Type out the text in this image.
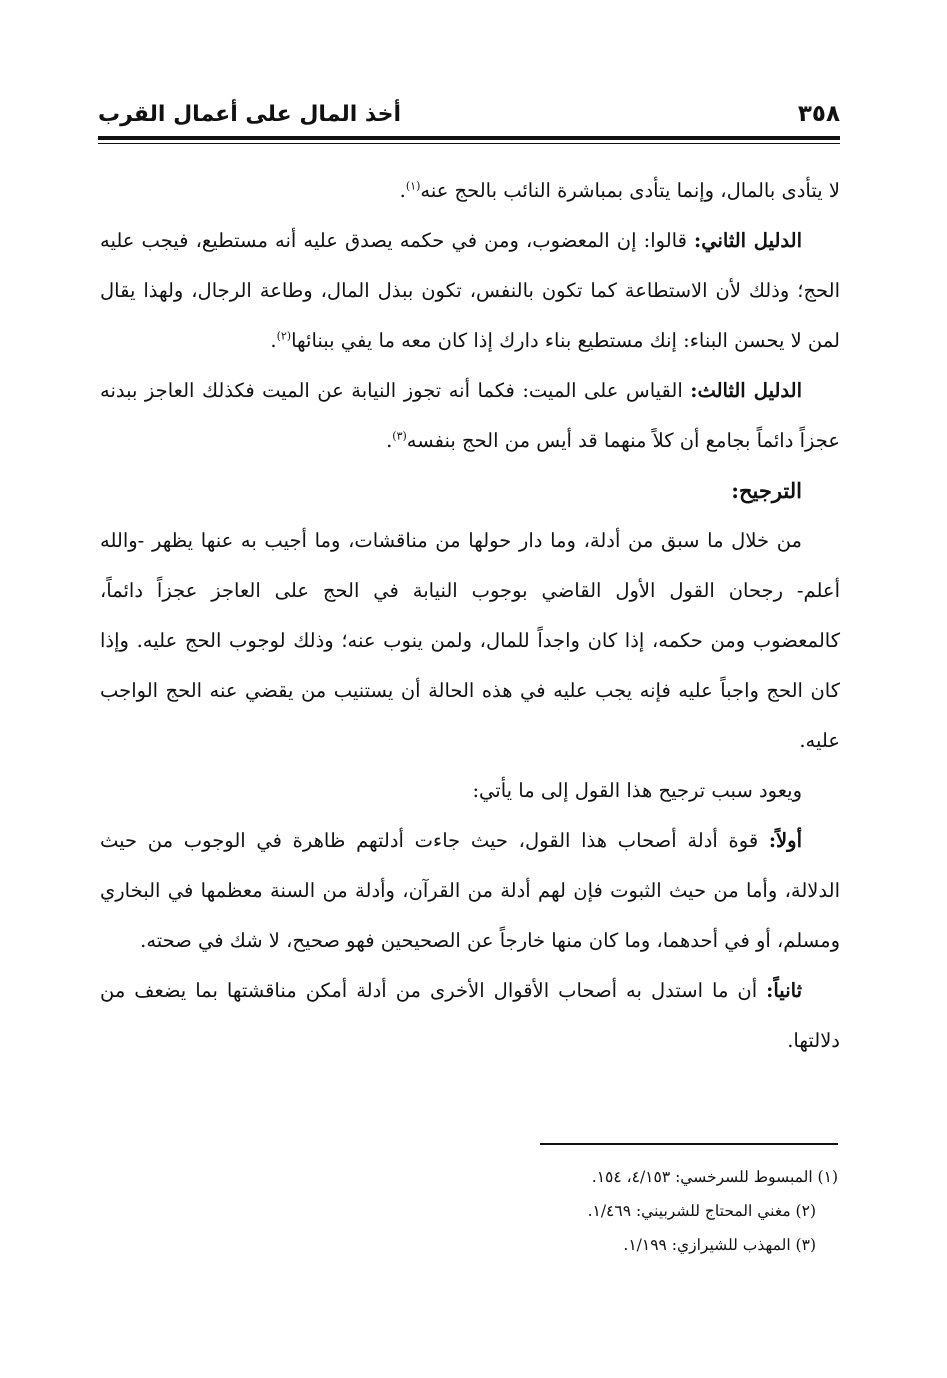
٣٥٨
أخذ المال على أعمال القرب

لا يتأدى بالمال، وإنما يتأدى بمباشرة النائب بالحج عنه$^{(١)}$.

الدليل الثاني: قالوا: إن المعضوب، ومن في حكمه يصدق عليه أنه مستطيع، فيجب عليه الحج؛ وذلك لأن الاستطاعة كما تكون بالنفس، تكون ببذل المال، وطاعة الرجال، ولهذا يقال لمن لا يحسن البناء: إنك مستطيع بناء دارك إذا كان معه ما يفي ببنائها$^{(٢)}$.

الدليل الثالث: القياس على الميت: فكما أنه تجوز النيابة عن الميت فكذلك العاجز ببدنه عجزاً دائماً بجامع أن كلاً منهما قد أيس من الحج بنفسه$^{(٣)}$.

الترجيح:

من خلال ما سبق من أدلة، وما دار حولها من مناقشات، وما أجيب به عنها يظهر -والله أعلم- رجحان القول الأول القاضي بوجوب النيابة في الحج على العاجز عجزاً دائماً، كالمعضوب ومن حكمه، إذا كان واجداً للمال، ولمن ينوب عنه؛ وذلك لوجوب الحج عليه. وإذا كان الحج واجباً عليه فإنه يجب عليه في هذه الحالة أن يستنيب من يقضي عنه الحج الواجب عليه.

ويعود سبب ترجيح هذا القول إلى ما يأتي:

أولاً: قوة أدلة أصحاب هذا القول، حيث جاءت أدلتهم ظاهرة في الوجوب من حيث الدلالة، وأما من حيث الثبوت فإن لهم أدلة من القرآن، وأدلة من السنة معظمها في البخاري ومسلم، أو في أحدهما، وما كان منها خارجاً عن الصحيحين فهو صحيح، لا شك في صحته.

ثانياً: أن ما استدل به أصحاب الأقوال الأخرى من أدلة أمكن مناقشتها بما يضعف من دلالتها.

(١) المبسوط للسرخسي: ٤/١٥٣، ١٥٤.
(٢) مغني المحتاج للشربيني: ١/٤٦٩.
(٣) المهذب للشيرازي: ١/١٩٩.
